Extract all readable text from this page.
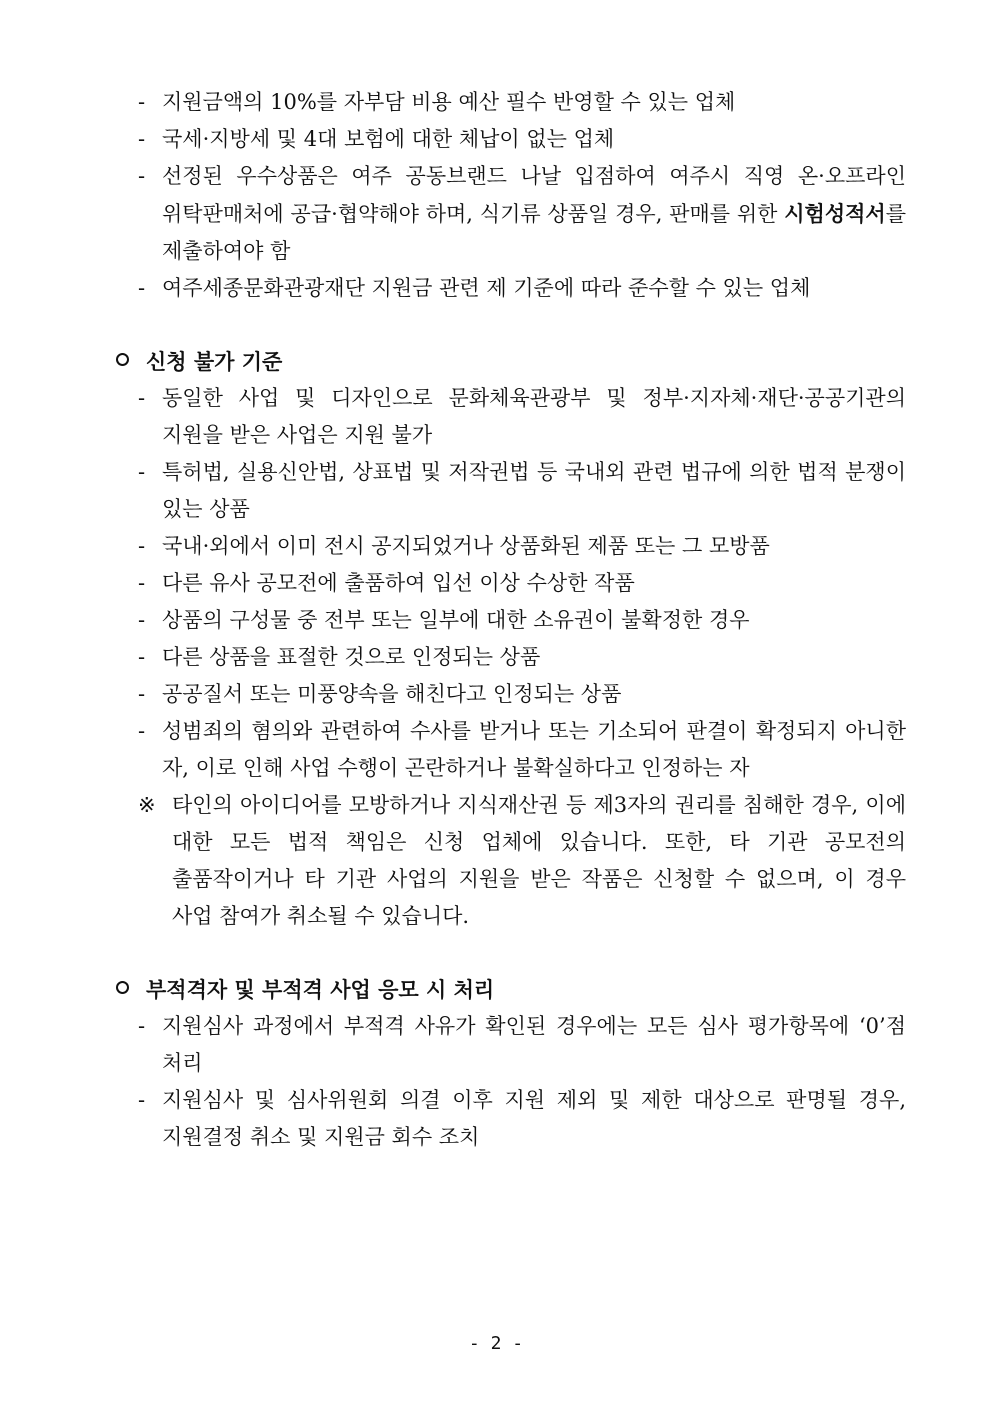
- 지원금액의 10%를 자부담 비용 예산 필수 반영할 수 있는 업체
- 국세·지방세 및 4대 보험에 대한 체납이 없는 업체
- 선정된 우수상품은 여주 공동브랜드 나날 입점하여 여주시 직영 온·오프라인 위탁판매처에 공급·협약해야 하며, 식기류 상품일 경우, 판매를 위한 시험성적서를 제출하여야 함
- 여주세종문화관광재단 지원금 관련 제 기준에 따라 준수할 수 있는 업체
신청 불가 기준
- 동일한 사업 및 디자인으로 문화체육관광부 및 정부·지자체·재단·공공기관의 지원을 받은 사업은 지원 불가
- 특허법, 실용신안법, 상표법 및 저작권법 등 국내외 관련 법규에 의한 법적 분쟁이 있는 상품
- 국내·외에서 이미 전시 공지되었거나 상품화된 제품 또는 그 모방품
- 다른 유사 공모전에 출품하여 입선 이상 수상한 작품
- 상품의 구성물 중 전부 또는 일부에 대한 소유권이 불확정한 경우
- 다른 상품을 표절한 것으로 인정되는 상품
- 공공질서 또는 미풍양속을 해친다고 인정되는 상품
- 성범죄의 혐의와 관련하여 수사를 받거나 또는 기소되어 판결이 확정되지 아니한 자, 이로 인해 사업 수행이 곤란하거나 불확실하다고 인정하는 자
※ 타인의 아이디어를 모방하거나 지식재산권 등 제3자의 권리를 침해한 경우, 이에 대한 모든 법적 책임은 신청 업체에 있습니다. 또한, 타 기관 공모전의 출품작이거나 타 기관 사업의 지원을 받은 작품은 신청할 수 없으며, 이 경우 사업 참여가 취소될 수 있습니다.
부적격자 및 부적격 사업 응모 시 처리
- 지원심사 과정에서 부적격 사유가 확인된 경우에는 모든 심사 평가항목에 ‘0’점 처리
- 지원심사 및 심사위원회 의결 이후 지원 제외 및 제한 대상으로 판명될 경우, 지원결정 취소 및 지원금 회수 조치
- 2 -
